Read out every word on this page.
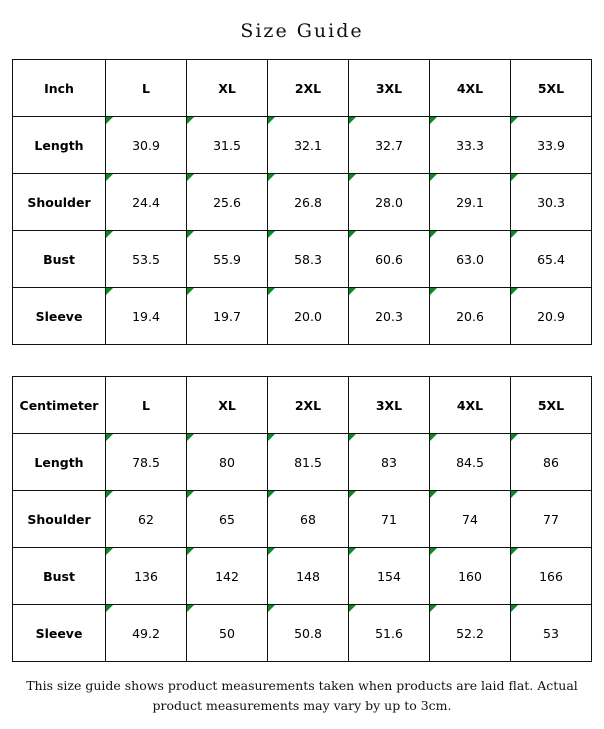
Size Guide
Inch	L	XL	2XL	3XL	4XL	5XL
Length	30.9	31.5	32.1	32.7	33.3	33.9
Shoulder	24.4	25.6	26.8	28.0	29.1	30.3
Bust	53.5	55.9	58.3	60.6	63.0	65.4
Sleeve	19.4	19.7	20.0	20.3	20.6	20.9
Centimeter	L	XL	2XL	3XL	4XL	5XL
Length	78.5	80	81.5	83	84.5	86
Shoulder	62	65	68	71	74	77
Bust	136	142	148	154	160	166
Sleeve	49.2	50	50.8	51.6	52.2	53
This size guide shows product measurements taken when products are laid flat. Actual product measurements may vary by up to 3cm.
